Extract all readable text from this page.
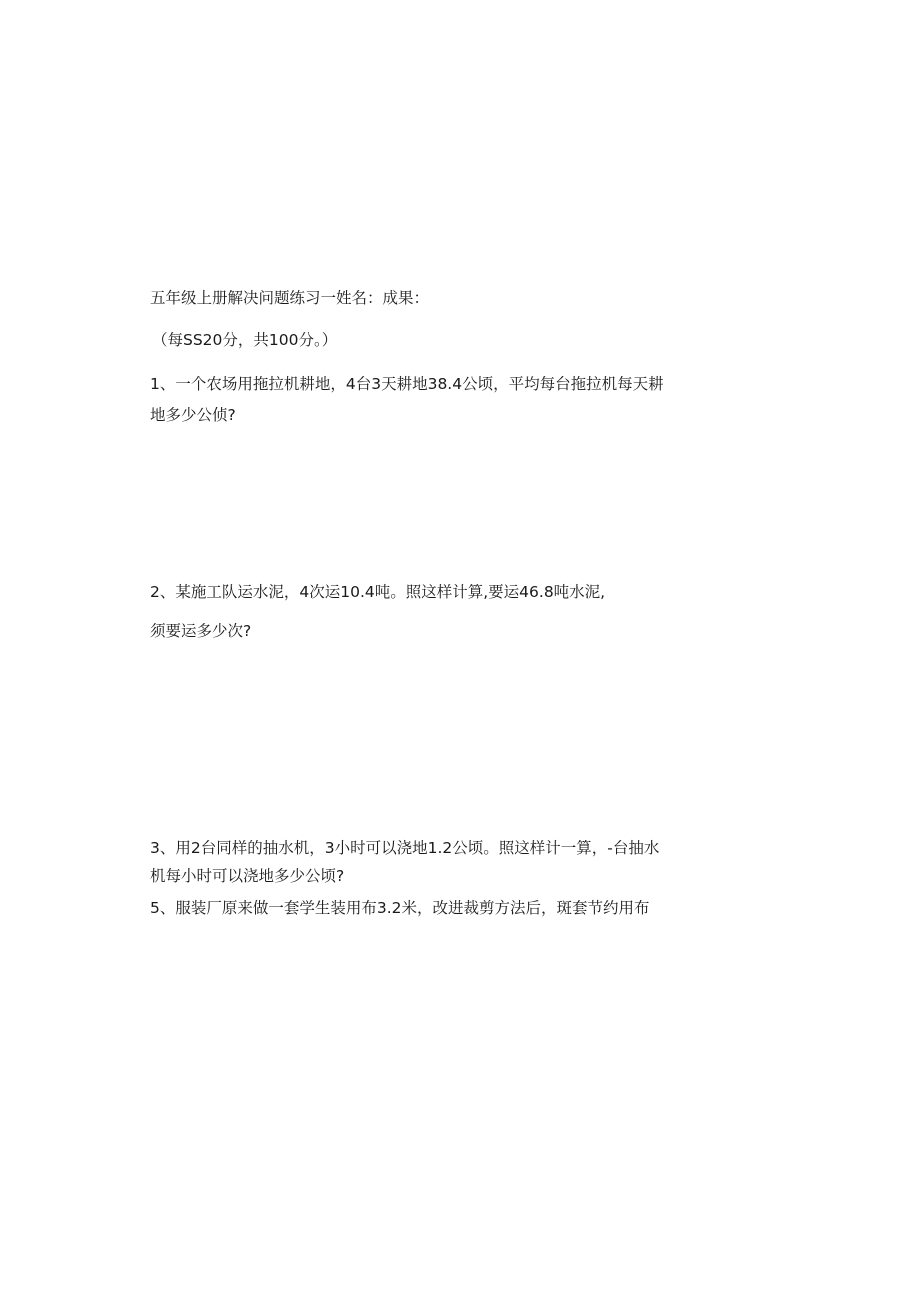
五年级上册解决问题练习一姓名：成果：
（每SS20分，共100分。）
1、一个农场用拖拉机耕地，4台3天耕地38.4公顷，平均每台拖拉机每天耕
地多少公侦?
2、某施工队运水泥，4次运10.4吨。照这样计算,要运46.8吨水泥,
须要运多少次?
3、用2台同样的抽水机，3小时可以浇地1.2公顷。照这样计一算，-台抽水
机每小时可以浇地多少公顷?
5、服装厂原来做一套学生装用布3.2米，改进裁剪方法后，斑套节约用布
